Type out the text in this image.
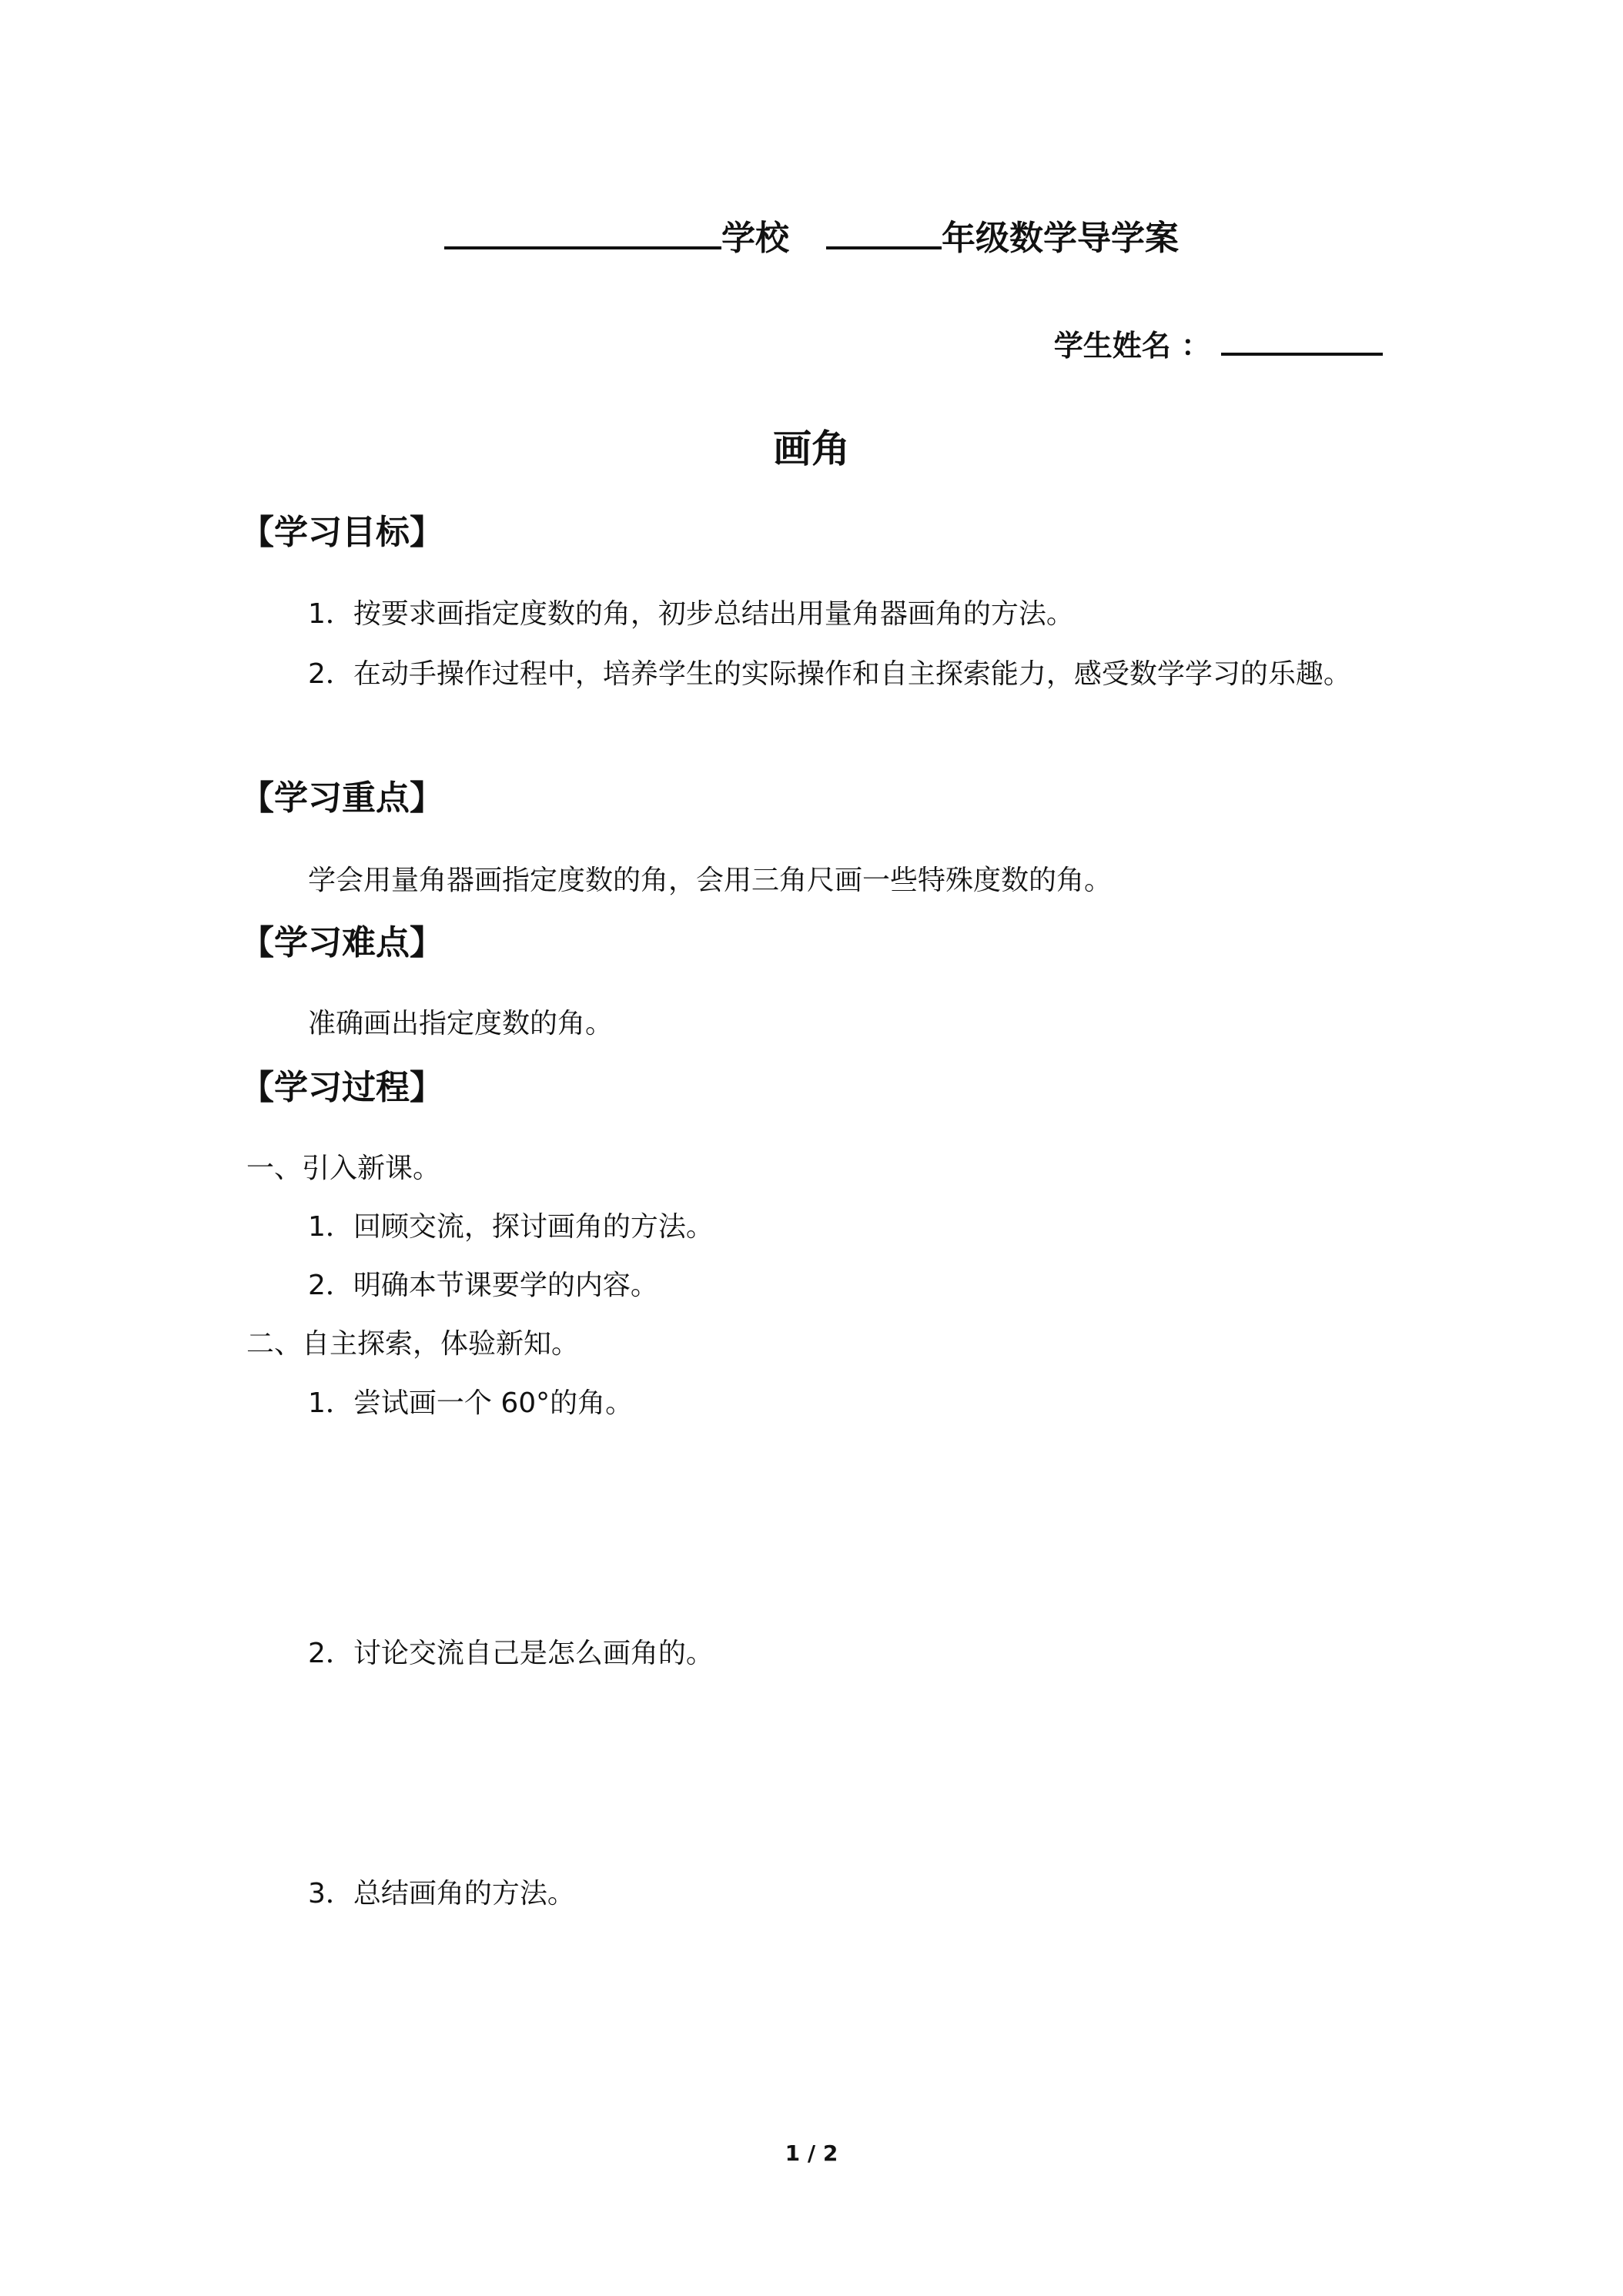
学校	年级数学导学案
学生姓名 ：
画角
【学习目标】
1．按要求画指定度数的角，初步总结出用量角器画角的方法。
2．在动手操作过程中，培养学生的实际操作和自主探索能力，感受数学学习的乐趣。
【学习重点】
学会用量角器画指定度数的角，会用三角尺画一些特殊度数的角。
【学习难点】
准确画出指定度数的角。
【学习过程】
一、引入新课。
1．回顾交流，探讨画角的方法。
2．明确本节课要学的内容。
二、自主探索，体验新知。
1．尝试画一个 60°的角。
2．讨论交流自己是怎么画角的。
3．总结画角的方法。
1 / 2
